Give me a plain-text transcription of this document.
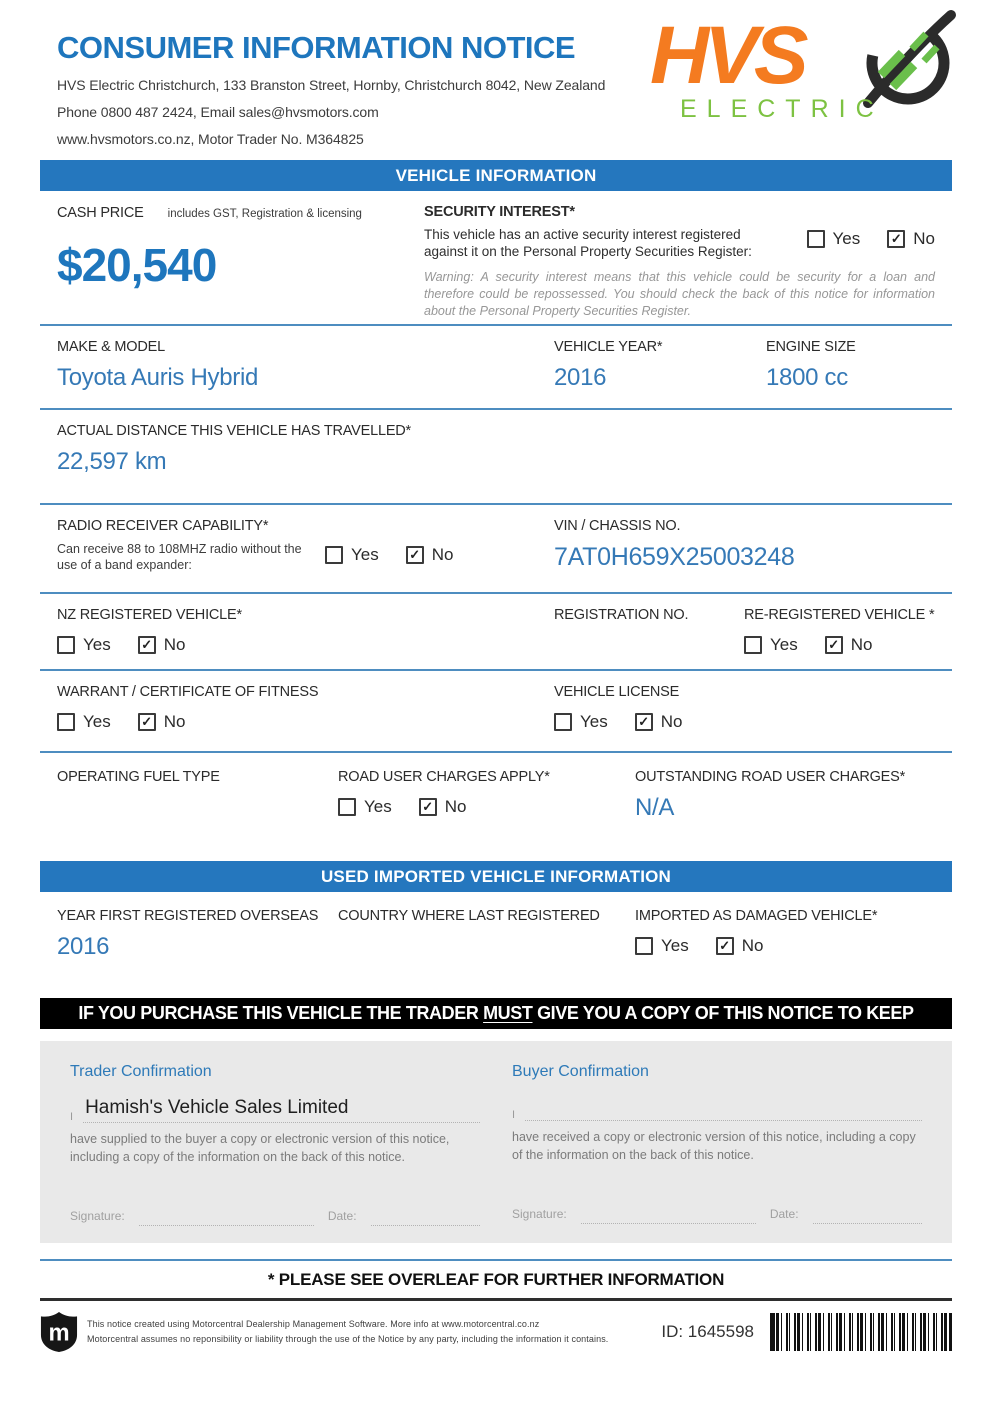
CONSUMER INFORMATION NOTICE
HVS Electric Christchurch, 133 Branston Street, Hornby, Christchurch 8042, New Zealand
Phone 0800 487 2424, Email sales@hvsmotors.com
www.hvsmotors.co.nz, Motor Trader No. M364825
HVS
ELECTRIC
VEHICLE INFORMATION
CASH PRICE includes GST, Registration & licensing
$20,540
SECURITY INTEREST*
This vehicle has an active security interest registered against it on the Personal Property Securities Register:
Yes ✓ No
Warning: A security interest means that this vehicle could be security for a loan and therefore could be repossessed. You should check the back of this notice for information about the Personal Property Securities Register.
MAKE & MODEL
Toyota Auris Hybrid
VEHICLE YEAR*
2016
ENGINE SIZE
1800 cc
ACTUAL DISTANCE THIS VEHICLE HAS TRAVELLED*
22,597 km
RADIO RECEIVER CAPABILITY*
Can receive 88 to 108MHZ radio without the use of a band expander:
Yes ✓ No
VIN / CHASSIS NO.
7AT0H659X25003248
NZ REGISTERED VEHICLE*
Yes ✓ No
REGISTRATION NO.	RE-REGISTERED VEHICLE *
Yes ✓ No
WARRANT / CERTIFICATE OF FITNESS
Yes ✓ No
VEHICLE LICENSE
Yes ✓ No
OPERATING FUEL TYPE	ROAD USER CHARGES APPLY*
Yes ✓ No
OUTSTANDING ROAD USER CHARGES*
N/A
USED IMPORTED VEHICLE INFORMATION
YEAR FIRST REGISTERED OVERSEAS
2016
COUNTRY WHERE LAST REGISTERED	IMPORTED AS DAMAGED VEHICLE*
Yes ✓ No
IF YOU PURCHASE THIS VEHICLE THE TRADER MUST GIVE YOU A COPY OF THIS NOTICE TO KEEP
Trader Confirmation
I Hamish's Vehicle Sales Limited
have supplied to the buyer a copy or electronic version of this notice, including a copy of the information on the back of this notice.
Signature:	Date:
Buyer Confirmation
I
have received a copy or electronic version of this notice, including a copy of the information on the back of this notice.
Signature:	Date:
* PLEASE SEE OVERLEAF FOR FURTHER INFORMATION
m This notice created using Motorcentral Dealership Management Software. More info at www.motorcentral.co.nz
Motorcentral assumes no reponsibility or liability through the use of the Notice by any party, including the information it contains.	ID: 1645598
